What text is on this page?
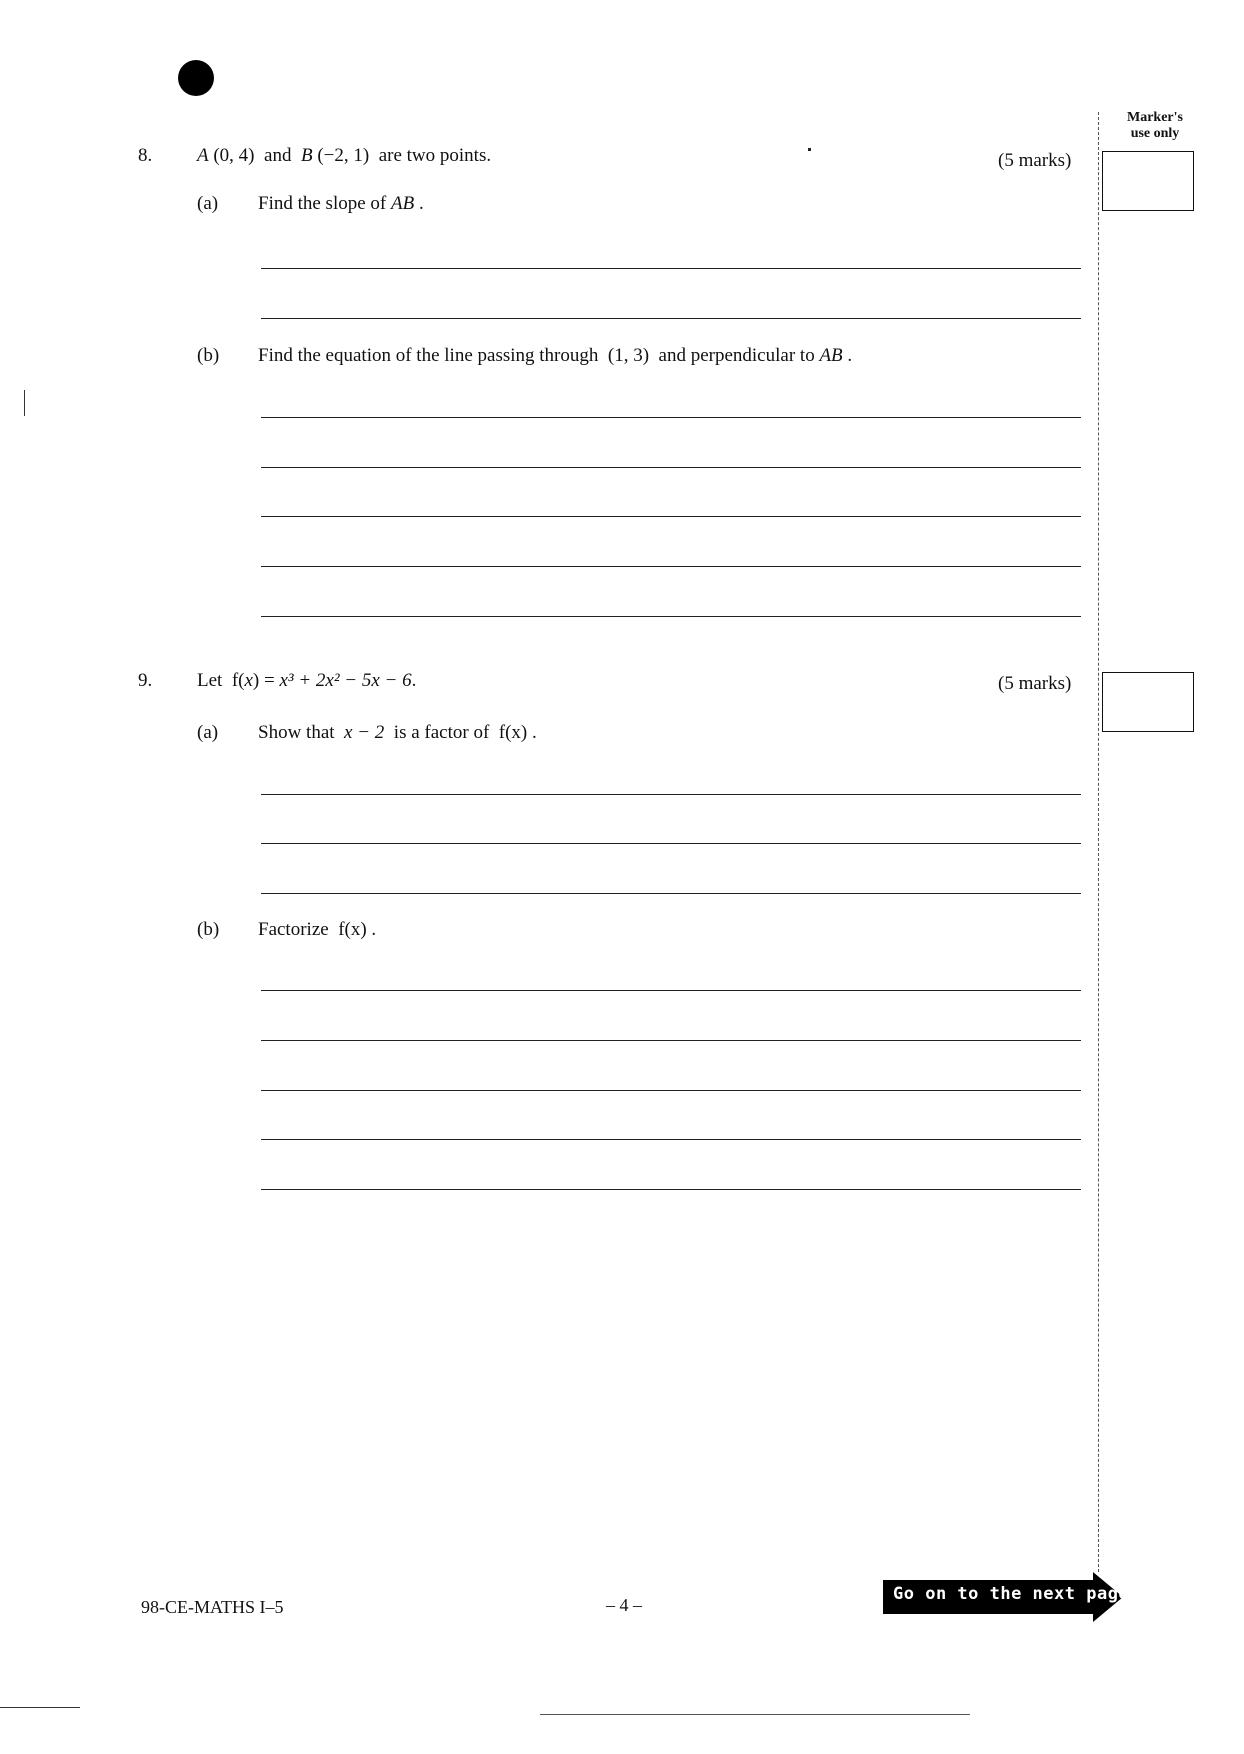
Marker's
use only
8. A (0, 4) and B (−2, 1) are two points.	(5 marks)
(a) Find the slope of AB .
(b) Find the equation of the line passing through (1, 3) and perpendicular to AB .
9. Let f(x) = x³ + 2x² − 5x − 6.	(5 marks)
(a) Show that x − 2 is a factor of f(x) .
(b) Factorize f(x) .
98-CE-MATHS I–5	– 4 –
Go on to the next page
